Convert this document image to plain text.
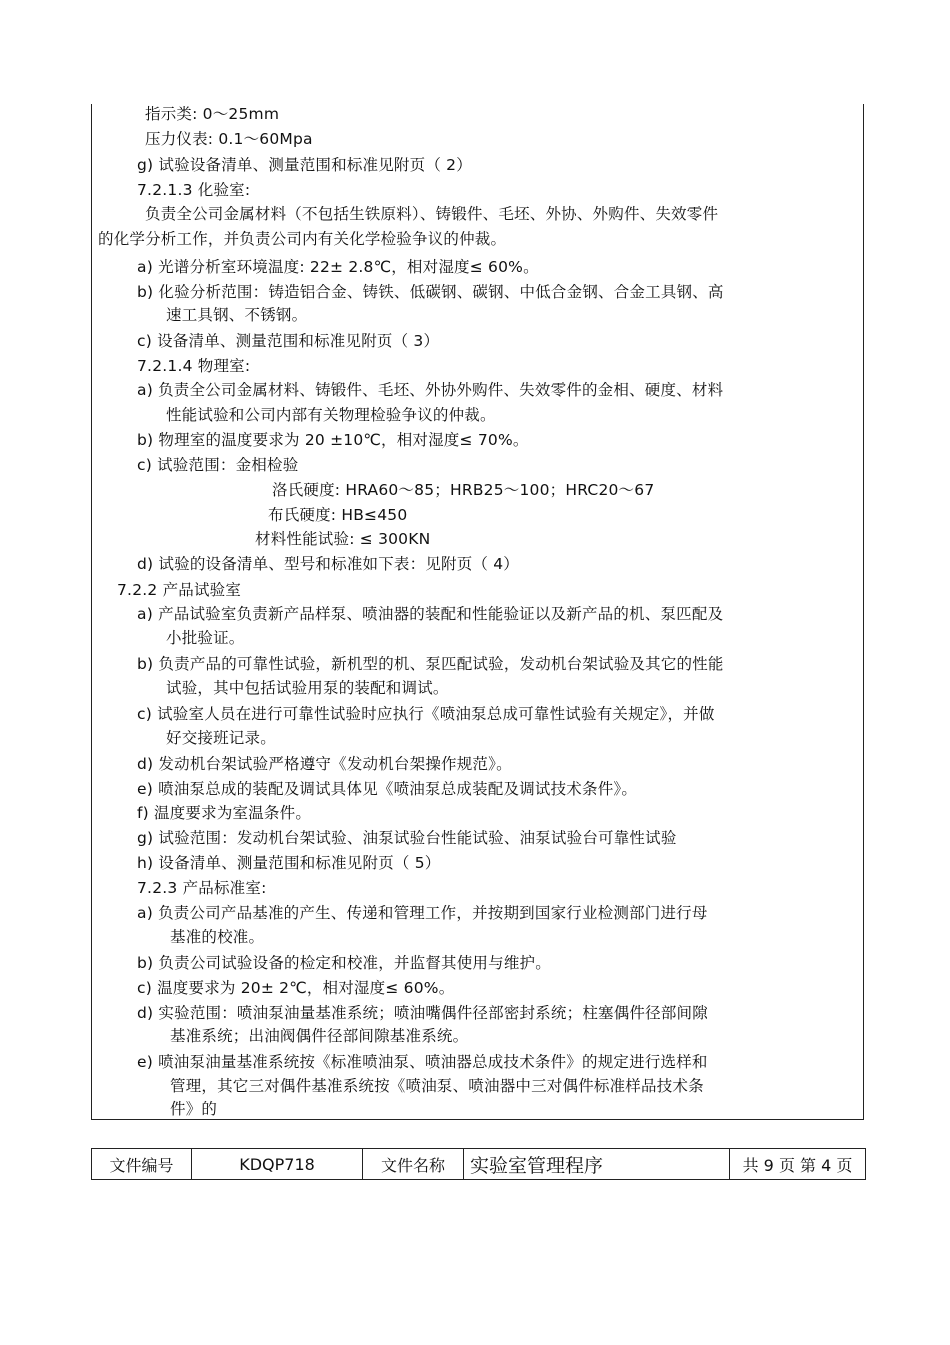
指示类: 0～25mm
压力仪表: 0.1～60Mpa
g) 试验设备清单、测量范围和标准见附页（ 2）
7.2.1.3 化验室:
负责全公司金属材料（不包括生铁原料）、铸锻件、毛坯、外协、外购件、失效零件
的化学分析工作，并负责公司内有关化学检验争议的仲裁。
a) 光谱分析室环境温度: 22± 2.8℃，相对湿度≤ 60%。
b) 化验分析范围：铸造铝合金、铸铁、低碳钢、碳钢、中低合金钢、合金工具钢、高
速工具钢、不锈钢。
c) 设备清单、测量范围和标准见附页（ 3）
7.2.1.4 物理室:
a) 负责全公司金属材料、铸锻件、毛坯、外协外购件、失效零件的金相、硬度、材料
性能试验和公司内部有关物理检验争议的仲裁。
b) 物理室的温度要求为 20 ±10℃，相对湿度≤ 70%。
c) 试验范围：金相检验
洛氏硬度: HRA60～85；HRB25～100；HRC20～67
布氏硬度: HB≤450
材料性能试验: ≤ 300KN
d) 试验的设备清单、型号和标准如下表：见附页（ 4）
7.2.2 产品试验室
a) 产品试验室负责新产品样泵、喷油器的装配和性能验证以及新产品的机、泵匹配及
小批验证。
b) 负责产品的可靠性试验，新机型的机、泵匹配试验，发动机台架试验及其它的性能
试验，其中包括试验用泵的装配和调试。
c) 试验室人员在进行可靠性试验时应执行《喷油泵总成可靠性试验有关规定》，并做
好交接班记录。
d) 发动机台架试验严格遵守《发动机台架操作规范》。
e) 喷油泵总成的装配及调试具体见《喷油泵总成装配及调试技术条件》。
f) 温度要求为室温条件。
g) 试验范围：发动机台架试验、油泵试验台性能试验、油泵试验台可靠性试验
h) 设备清单、测量范围和标准见附页（ 5）
7.2.3 产品标准室:
a) 负责公司产品基准的产生、传递和管理工作，并按期到国家行业检测部门进行母
基准的校准。
b) 负责公司试验设备的检定和校准，并监督其使用与维护。
c) 温度要求为 20± 2℃，相对湿度≤ 60%。
d) 实验范围：喷油泵油量基准系统；喷油嘴偶件径部密封系统；柱塞偶件径部间隙
基准系统；出油阀偶件径部间隙基准系统。
e) 喷油泵油量基准系统按《标准喷油泵、喷油器总成技术条件》的规定进行选样和
管理，其它三对偶件基准系统按《喷油泵、喷油器中三对偶件标准样品技术条
件》的
文件编号	KDQP718	文件名称	实验室管理程序	共 9 页 第 4 页
